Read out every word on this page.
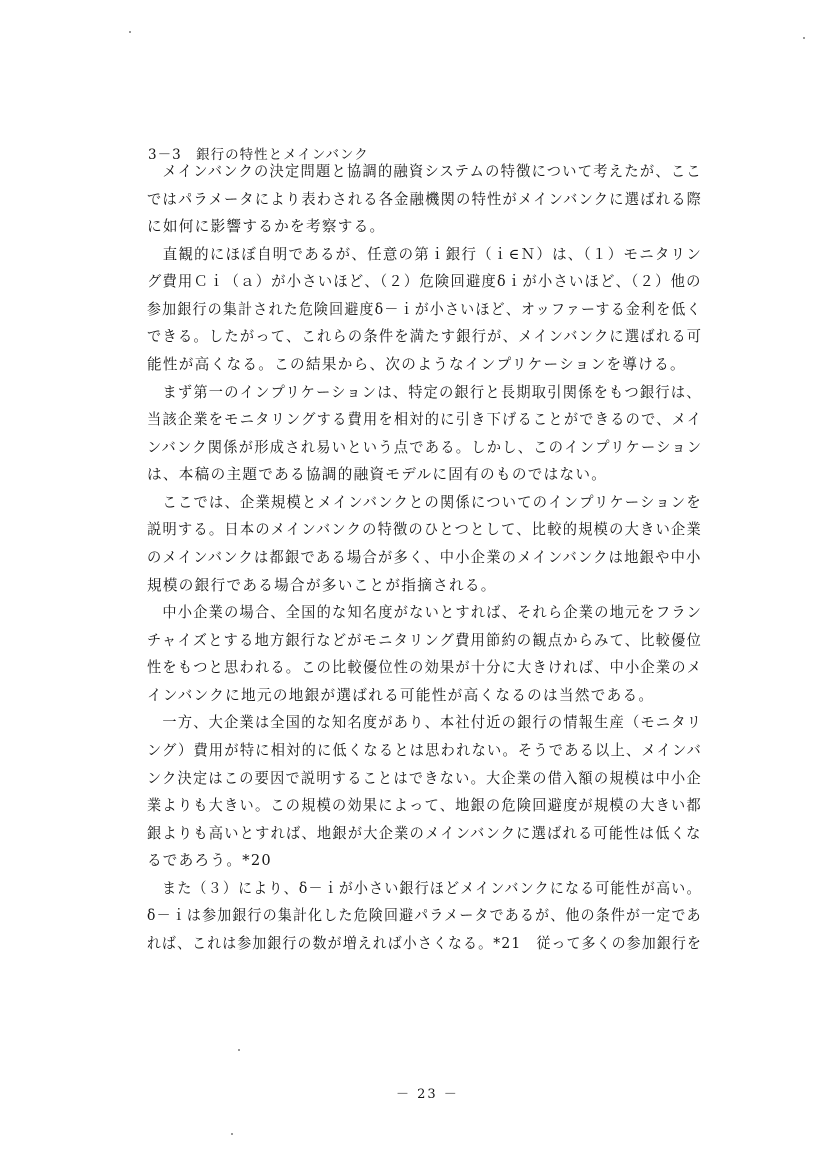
3－3　銀行の特性とメインバンク
　メインバンクの決定問題と協調的融資システムの特徴について考えたが、ここ
ではパラメータにより表わされる各金融機関の特性がメインバンクに選ばれる際
に如何に影響するかを考察する。
　直観的にほぼ自明であるが、任意の第ｉ銀行（ｉ∈Ｎ）は、（１）モニタリン
グ費用Ｃｉ（ａ）が小さいほど、（２）危険回避度δｉが小さいほど、（２）他の
参加銀行の集計された危険回避度δ－ｉが小さいほど、オッファーする金利を低く
できる。したがって、これらの条件を満たす銀行が、メインバンクに選ばれる可
能性が高くなる。この結果から、次のようなインプリケーションを導ける。
　まず第一のインプリケーションは、特定の銀行と長期取引関係をもつ銀行は、
当該企業をモニタリングする費用を相対的に引き下げることができるので、メイ
ンバンク関係が形成され易いという点である。しかし、このインプリケーション
は、本稿の主題である協調的融資モデルに固有のものではない。
　ここでは、企業規模とメインバンクとの関係についてのインプリケーションを
説明する。日本のメインバンクの特徴のひとつとして、比較的規模の大きい企業
のメインバンクは都銀である場合が多く、中小企業のメインバンクは地銀や中小
規模の銀行である場合が多いことが指摘される。
　中小企業の場合、全国的な知名度がないとすれば、それら企業の地元をフラン
チャイズとする地方銀行などがモニタリング費用節約の観点からみて、比較優位
性をもつと思われる。この比較優位性の効果が十分に大きければ、中小企業のメ
インバンクに地元の地銀が選ばれる可能性が高くなるのは当然である。
　一方、大企業は全国的な知名度があり、本社付近の銀行の情報生産（モニタリ
ング）費用が特に相対的に低くなるとは思われない。そうである以上、メインバ
ンク決定はこの要因で説明することはできない。大企業の借入額の規模は中小企
業よりも大きい。この規模の効果によって、地銀の危険回避度が規模の大きい都
銀よりも高いとすれば、地銀が大企業のメインバンクに選ばれる可能性は低くな
るであろう。*20
　また（３）により、δ－ｉが小さい銀行ほどメインバンクになる可能性が高い。
δ－ｉは参加銀行の集計化した危険回避パラメータであるが、他の条件が一定であ
れば、これは参加銀行の数が増えれば小さくなる。*21　従って多くの参加銀行を
－ 23 －
